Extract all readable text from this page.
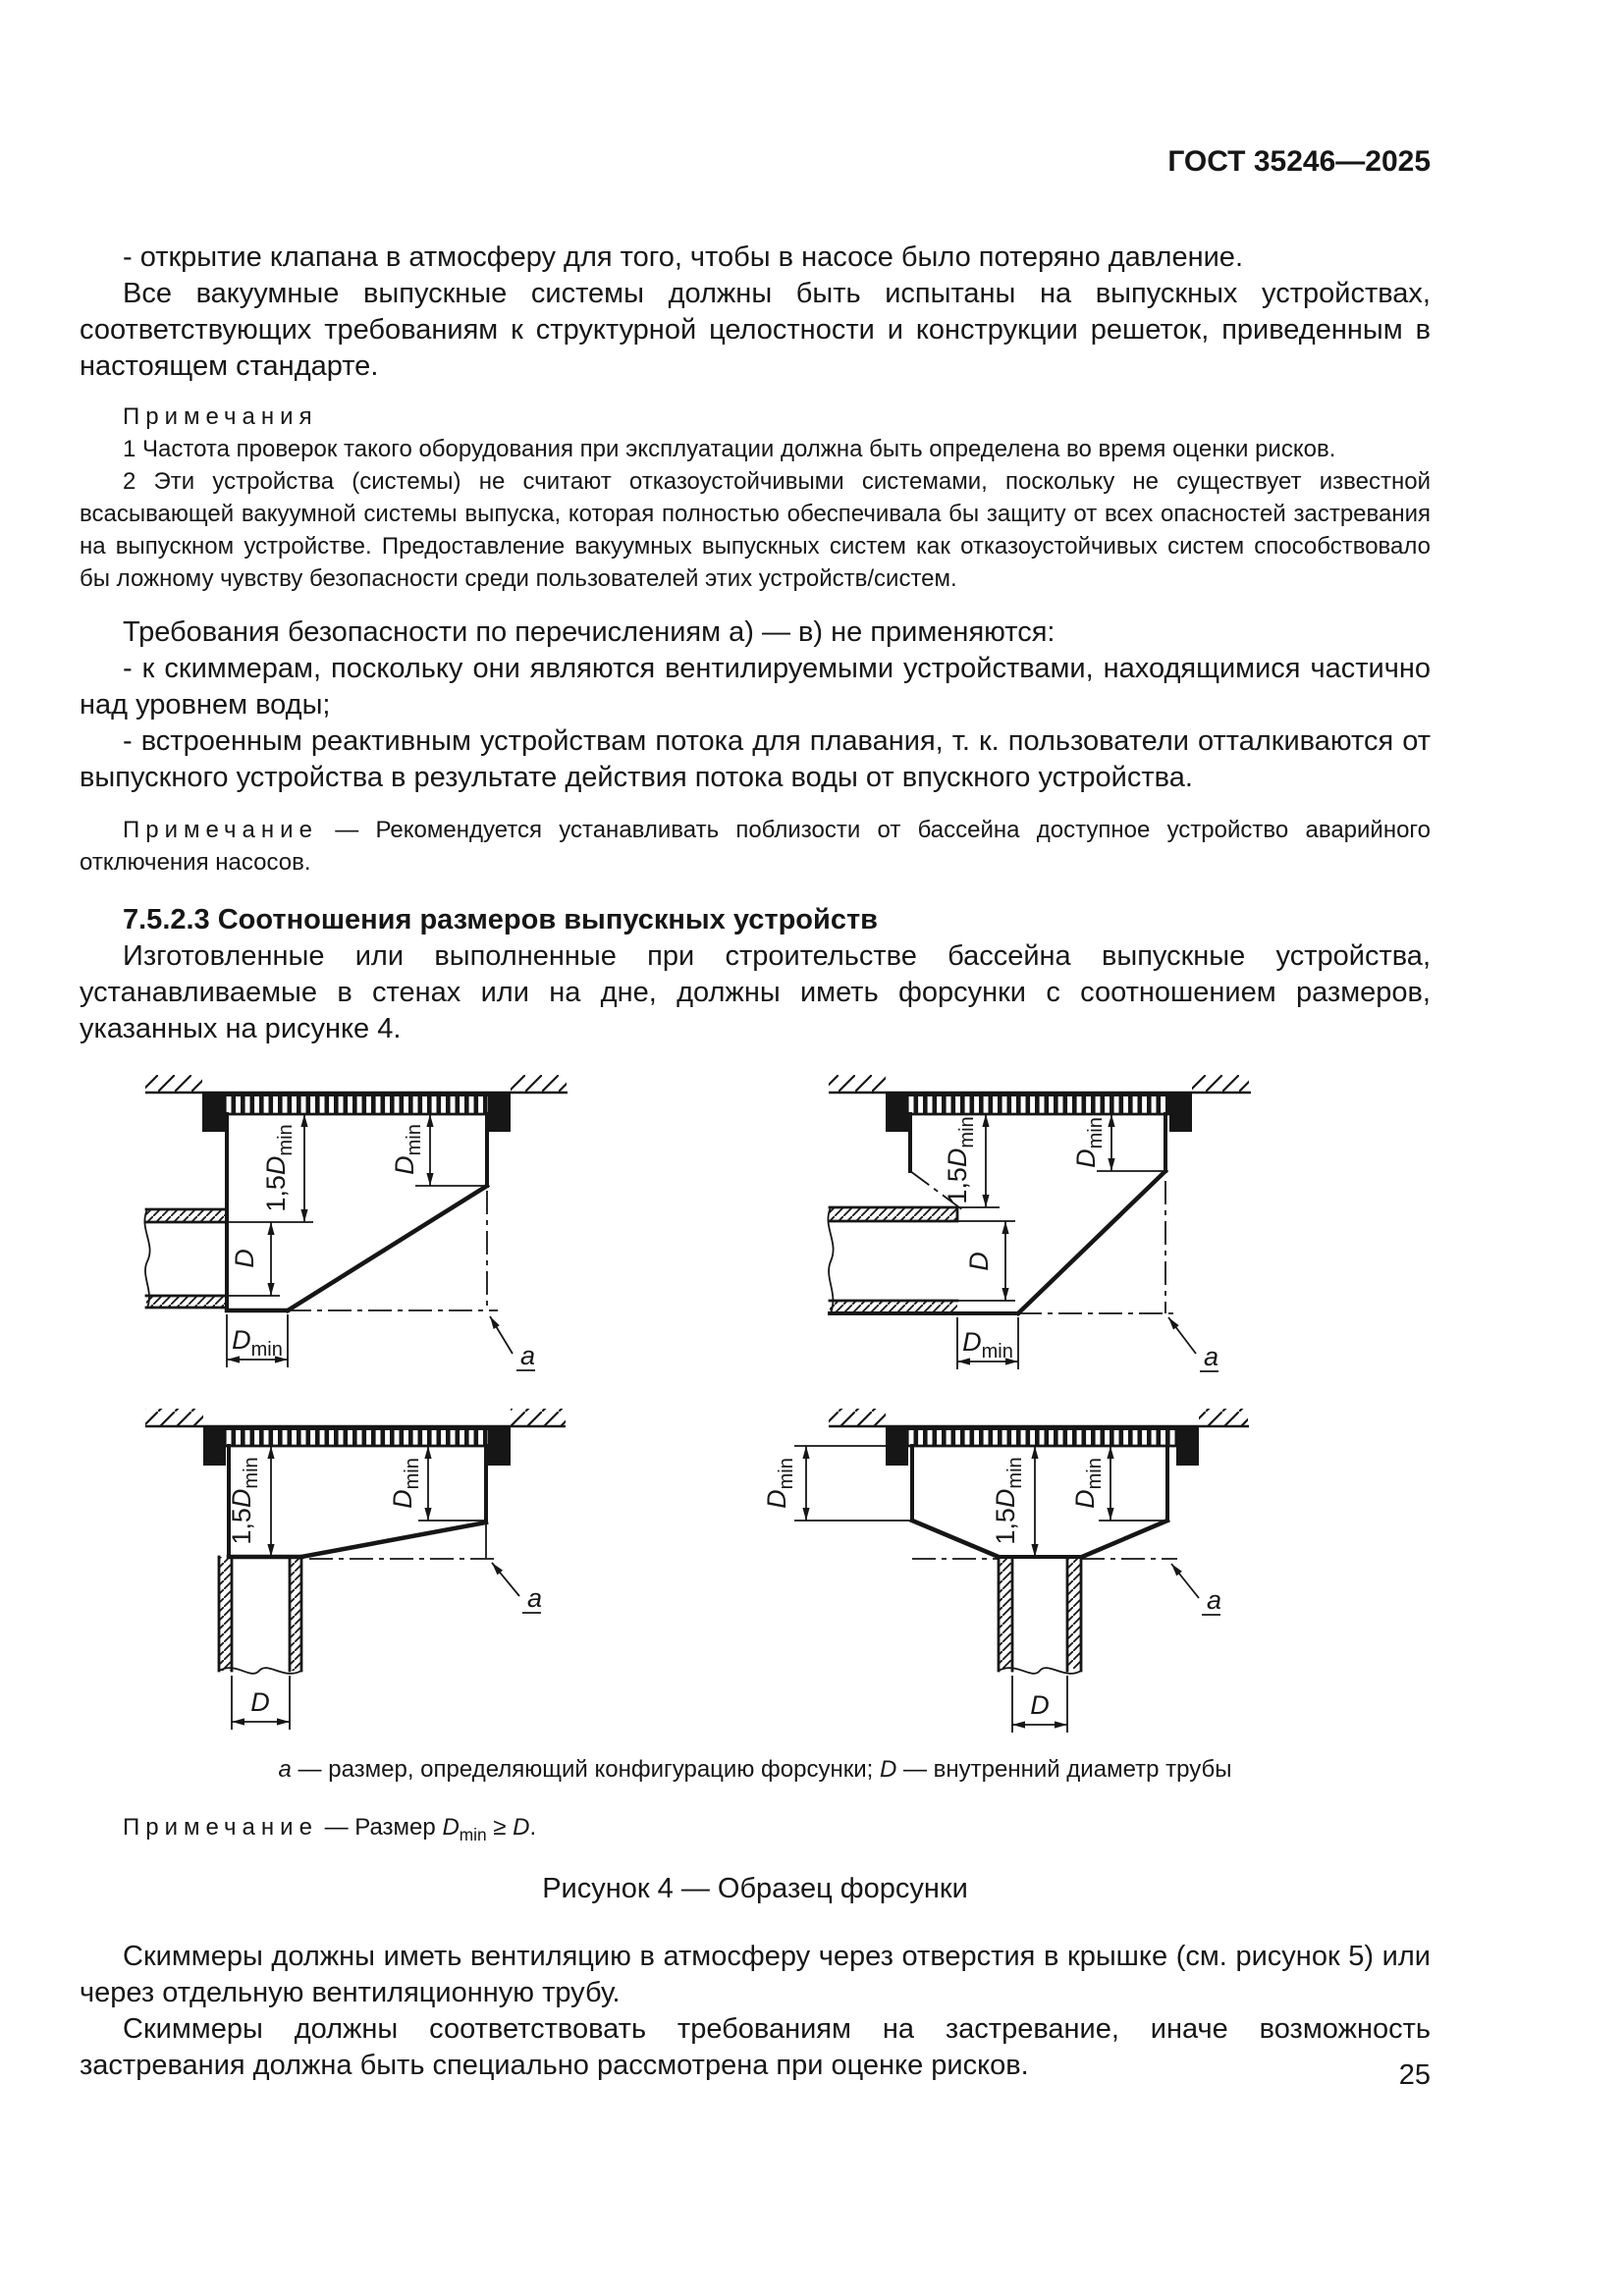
ГОСТ 35246—2025

- открытие клапана в атмосферу для того, чтобы в насосе было потеряно давление.

Все вакуумные выпускные системы должны быть испытаны на выпускных устройствах, соответствующих требованиям к структурной целостности и конструкции решеток, приведенным в настоящем стандарте.

Примечания

1 Частота проверок такого оборудования при эксплуатации должна быть определена во время оценки рисков.

2 Эти устройства (системы) не считают отказоустойчивыми системами, поскольку не существует известной всасывающей вакуумной системы выпуска, которая полностью обеспечивала бы защиту от всех опасностей застревания на выпускном устройстве. Предоставление вакуумных выпускных систем как отказоустойчивых систем способствовало бы ложному чувству безопасности среди пользователей этих устройств/систем.

Требования безопасности по перечислениям а) — в) не применяются:

- к скиммерам, поскольку они являются вентилируемыми устройствами, находящимися частично над уровнем воды;

- встроенным реактивным устройствам потока для плавания, т. к. пользователи отталкиваются от выпускного устройства в результате действия потока воды от впускного устройства.

Примечание — Рекомендуется устанавливать поблизости от бассейна доступное устройство аварийного отключения насосов.

7.5.2.3 Соотношения размеров выпускных устройств

Изготовленные или выполненные при строительстве бассейна выпускные устройства, устанавливаемые в стенах или на дне, должны иметь форсунки с соотношением размеров, указанных на рисунке 4.

$1,5D_{min}$
$D_{min}$
D
$D_{min}$	а
$1,5D_{min}$
$D_{min}$
D
$D_{min}$	а
$1,5D_{min}$
$D_{min}$
D
а
$D_{min}$
$1,5D_{min}$
$D_{min}$
D
а
а — размер, определяющий конфигурацию форсунки; D — внутренний диаметр трубы

Примечание — Размер $D_{min} \ge D$.

Рисунок 4 — Образец форсунки

Скиммеры должны иметь вентиляцию в атмосферу через отверстия в крышке (см. рисунок 5) или через отдельную вентиляционную трубу.

Скиммеры должны соответствовать требованиям на застревание, иначе возможность застревания должна быть специально рассмотрена при оценке рисков.	25
